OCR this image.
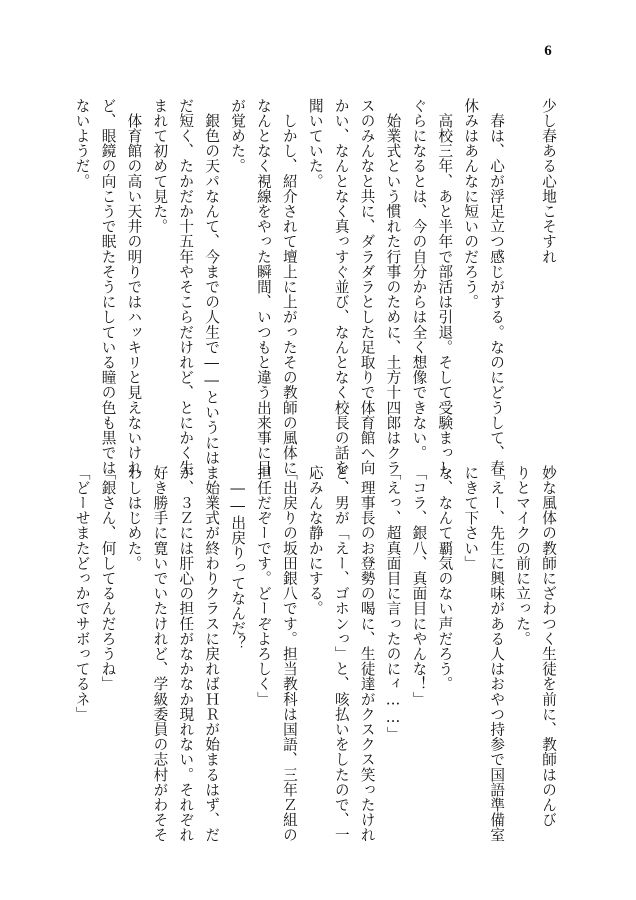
6
少し春ある心地こそすれ
　春は、心が浮足立つ感じがする。なのにどうして、春
休みはあんなに短いのだろう。
　高校三年、あと半年で部活は引退。そして受験まっし
ぐらになるとは、今の自分からは全く想像できない。
　始業式という慣れた行事のために、土方十四郎はクラ
スのみんなと共に、ダラダラとした足取りで体育館へ向
かい、なんとなく真っすぐ並び、なんとなく校長の話を
聞いていた。
　しかし、紹介されて壇上に上がったその教師の風体に
なんとなく視線をやった瞬間、いつもと違う出来事に目
が覚めた。
　銀色の天パなんて、今までの人生で――というにはま
だ短く、たかだか十五年やそこらだけれど、とにかく生
まれて初めて見た。
　体育館の高い天井の明りではハッキリと見えないけれ
ど、眼鏡の向こうで眠たそうにしている瞳の色も黒では
ないようだ。
妙な風体の教師にざわつく生徒を前に、教師はのんび
りとマイクの前に立った。
「えー、先生に興味がある人はおやつ持参で国語準備室
にきて下さい」
な、なんて覇気のない声だろう。
「コラ、銀八、真面目にやんな！」
「えっ、超真面目に言ったのにィ……」
　理事長のお登勢の喝に、生徒達がクスクス笑ったけれ
ど、男が「えー、ゴホンっ」と、咳払いをしたので、一
応みんな静かにする。
「出戻りの坂田銀八です。担当教科は国語、三年Ｚ組の
担任だぞーです。どーぞよろしく」
　――出戻りってなんだ？
　始業式が終わりクラスに戻ればＨＲが始まるはず、だ
が、３Ｚには肝心の担任がなかなか現れない。それぞれ
好き勝手に寛いでいたけれど、学級委員の志村がわそそ
わしはじめた。
「銀さん、何してるんだろうね」
「どーせまたどっかでサボってるネ」
